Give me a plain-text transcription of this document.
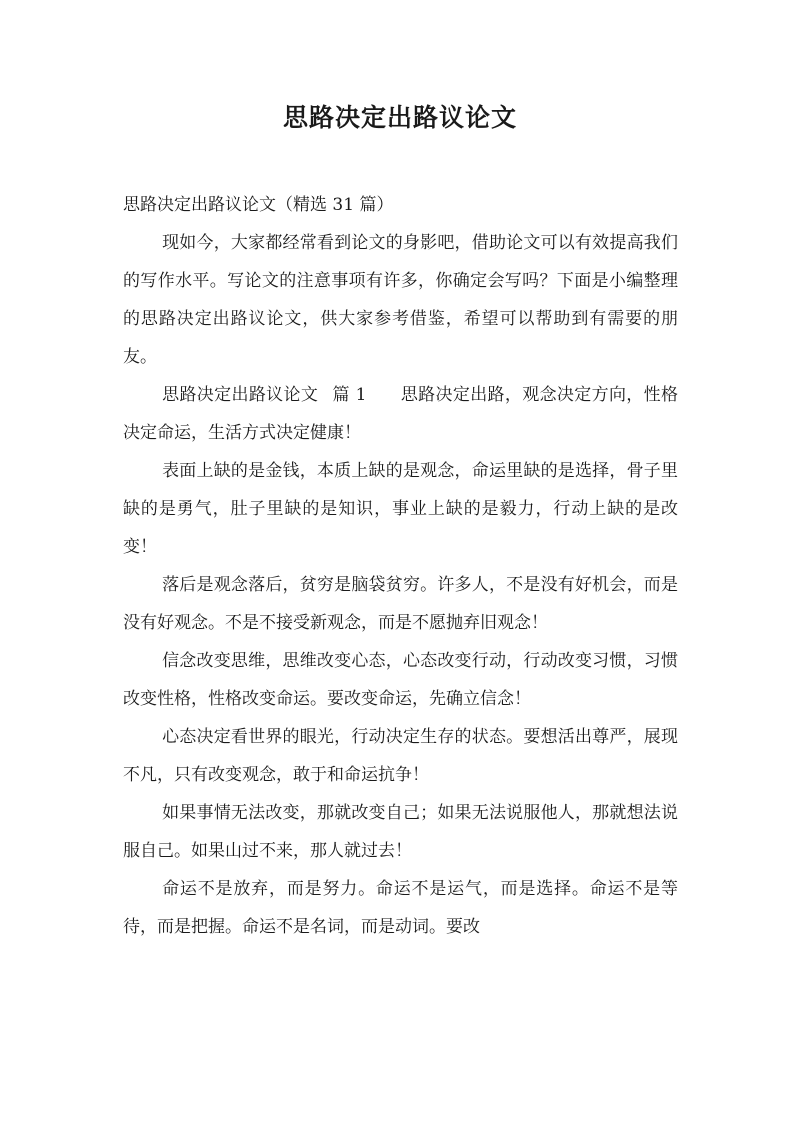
思路决定出路议论文

思路决定出路议论文（精选 31 篇）

现如今，大家都经常看到论文的身影吧，借助论文可以有效提高我们的写作水平。写论文的注意事项有许多，你确定会写吗？下面是小编整理的思路决定出路议论文，供大家参考借鉴，希望可以帮助到有需要的朋友。

思路决定出路议论文 篇 1 思路决定出路，观念决定方向，性格决定命运，生活方式决定健康！

表面上缺的是金钱，本质上缺的是观念，命运里缺的是选择，骨子里缺的是勇气，肚子里缺的是知识，事业上缺的是毅力，行动上缺的是改变！

落后是观念落后，贫穷是脑袋贫穷。许多人，不是没有好机会，而是没有好观念。不是不接受新观念，而是不愿抛弃旧观念！

信念改变思维，思维改变心态，心态改变行动，行动改变习惯，习惯改变性格，性格改变命运。要改变命运，先确立信念！

心态决定看世界的眼光，行动决定生存的状态。要想活出尊严，展现不凡，只有改变观念，敢于和命运抗争！

如果事情无法改变，那就改变自己；如果无法说服他人，那就想法说服自己。如果山过不来，那人就过去！

命运不是放弃，而是努力。命运不是运气，而是选择。命运不是等待，而是把握。命运不是名词，而是动词。要改
